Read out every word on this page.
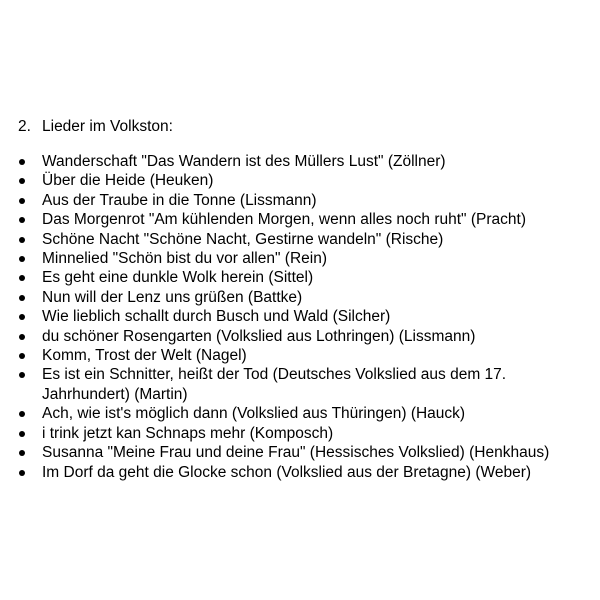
2. Lieder im Volkston:
Wanderschaft "Das Wandern ist des Müllers Lust" (Zöllner)
Über die Heide (Heuken)
Aus der Traube in die Tonne (Lissmann)
Das Morgenrot "Am kühlenden Morgen, wenn alles noch ruht" (Pracht)
Schöne Nacht "Schöne Nacht, Gestirne wandeln" (Rische)
Minnelied "Schön bist du vor allen" (Rein)
Es geht eine dunkle Wolk herein (Sittel)
Nun will der Lenz uns grüßen (Battke)
Wie lieblich schallt durch Busch und Wald (Silcher)
du schöner Rosengarten (Volkslied aus Lothringen) (Lissmann)
Komm, Trost der Welt (Nagel)
Es ist ein Schnitter, heißt der Tod (Deutsches Volkslied aus dem 17. Jahrhundert) (Martin)
Ach, wie ist's möglich dann (Volkslied aus Thüringen) (Hauck)
i trink jetzt kan Schnaps mehr (Komposch)
Susanna "Meine Frau und deine Frau" (Hessisches Volkslied) (Henkhaus)
Im Dorf da geht die Glocke schon (Volkslied aus der Bretagne) (Weber)
